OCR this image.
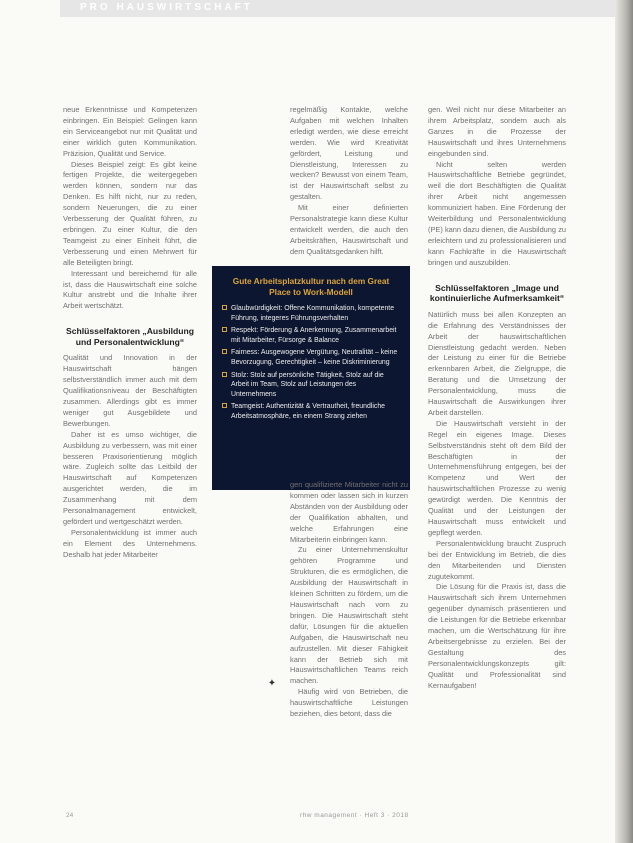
PRO HAUSWIRTSCHAFT

neue Erkenntnisse und Kompetenzen einbringen. Ein Beispiel: Gelingen kann ein Serviceangebot nur mit Qualität und einer wirklich guten Kommunikation. Präzision, Qualität und Service.

Dieses Beispiel zeigt: Es gibt keine fertigen Projekte, die weitergegeben werden können, sondern nur das Denken. Es hilft nicht, nur zu reden, sondern Neuerungen, die zu einer Verbesserung der Qualität führen, zu erbringen. Zu einer Kultur, die den Teamgeist zu einer Einheit führt, die Verbesserung und einen Mehrwert für alle Beteiligten bringt.

Interessant und bereichernd für alle ist, dass die Hauswirtschaft eine solche Kultur anstrebt und die Inhalte ihrer Arbeit wertschätzt.

Schlüsselfaktoren „Ausbildung und Personalentwicklung“

Qualität und Innovation in der Hauswirtschaft hängen selbstverständlich immer auch mit dem Qualifikationsniveau der Beschäftigten zusammen. Allerdings gibt es immer weniger gut Ausgebildete und Bewerbungen.

Daher ist es umso wichtiger, die Ausbildung zu verbessern, was mit einer besseren Praxisorientierung möglich wäre. Zugleich sollte das Leitbild der Hauswirtschaft auf Kompetenzen ausgerichtet werden, die im Zusammenhang mit dem Personalmanagement entwickelt, gefördert und wertgeschätzt werden.

Personalentwicklung ist immer auch ein Element des Unternehmens. Deshalb hat jeder Mitarbeiter

regelmäßig Kontakte, welche Aufgaben mit welchen Inhalten erledigt werden, wie diese erreicht werden. Wie wird Kreativität gefördert, Leistung und Dienstleistung, Interessen zu wecken? Bewusst von einem Team, ist der Hauswirtschaft selbst zu gestalten.

Mit einer definierten Personalstrategie kann diese Kultur entwickelt werden, die auch den Arbeitskräften, Hauswirtschaft und dem Qualitätsgedanken hilft.

Gute Arbeitsplatzkultur nach dem Great Place to Work-Modell
Glaubwürdigkeit: Offene Kommunikation, kompetente Führung, integeres Führungsverhalten
Respekt: Förderung & Anerkennung, Zusammenarbeit mit Mitarbeiter, Fürsorge & Balance
Fairness: Ausgewogene Vergütung, Neutralität – keine Bevorzugung, Gerechtigkeit – keine Diskriminierung
Stolz: Stolz auf persönliche Tätigkeit, Stolz auf die Arbeit im Team, Stolz auf Leistungen des Unternehmens
Teamgeist: Authentizität & Vertrautheit, freundliche Arbeitsatmosphäre, ein einem Strang ziehen

gen qualifizierte Mitarbeiter nicht zu kommen oder lassen sich in kurzen Abständen von der Ausbildung oder der Qualifikation abhalten, und welche Erfahrungen eine Mitarbeiterin einbringen kann.

Zu einer Unternehmenskultur gehören Programme und Strukturen, die es ermöglichen, die Ausbildung der Hauswirtschaft in kleinen Schritten zu fördern, um die Hauswirtschaft nach vorn zu bringen. Die Hauswirtschaft steht dafür, Lösungen für die aktuellen Aufgaben, die Hauswirtschaft neu aufzustellen. Mit dieser Fähigkeit kann der Betrieb sich mit Hauswirtschaftlichen Teams reich machen.

Häufig wird von Betrieben, die hauswirtschaftliche Leistungen beziehen, dies betont, dass die

✦

gen. Weil nicht nur diese Mitarbeiter an ihrem Arbeitsplatz, sondern auch als Ganzes in die Prozesse der Hauswirtschaft und ihres Unternehmens eingebunden sind.

Nicht selten werden Hauswirtschaftliche Betriebe gegründet, weil die dort Beschäftigten die Qualität ihrer Arbeit nicht angemessen kommuniziert haben. Eine Förderung der Weiterbildung und Personalentwicklung (PE) kann dazu dienen, die Ausbildung zu erleichtern und zu professionalisieren und kann Fachkräfte in die Hauswirtschaft bringen und auszubilden.

Schlüsselfaktoren „Image und kontinuierliche Aufmerksamkeit“

Natürlich muss bei allen Konzepten an die Erfahrung des Verständnisses der Arbeit der hauswirtschaftlichen Dienstleistung gedacht werden. Neben der Leistung zu einer für die Betriebe erkennbaren Arbeit, die Zielgruppe, die Beratung und die Umsetzung der Personalentwicklung, muss die Hauswirtschaft die Auswirkungen ihrer Arbeit darstellen.

Die Hauswirtschaft versteht in der Regel ein eigenes Image. Dieses Selbstverständnis steht oft dem Bild der Beschäftigten in der Unternehmensführung entgegen, bei der Kompetenz und Wert der hauswirtschaftlichen Prozesse zu wenig gewürdigt werden. Die Kenntnis der Qualität und der Leistungen der Hauswirtschaft muss entwickelt und gepflegt werden.

Personalentwicklung braucht Zuspruch bei der Entwicklung im Betrieb, die dies den Mitarbeitenden und Diensten zugutekommt.

Die Lösung für die Praxis ist, dass die Hauswirtschaft sich ihrem Unternehmen gegenüber dynamisch präsentieren und die Leistungen für die Betriebe erkennbar machen, um die Wertschätzung für ihre Arbeitsergebnisse zu erzielen. Bei der Gestaltung des Personalentwicklungskonzepts gilt: Qualität und Professionalität sind Kernaufgaben!

24	rhw management · Heft 3 · 2018
